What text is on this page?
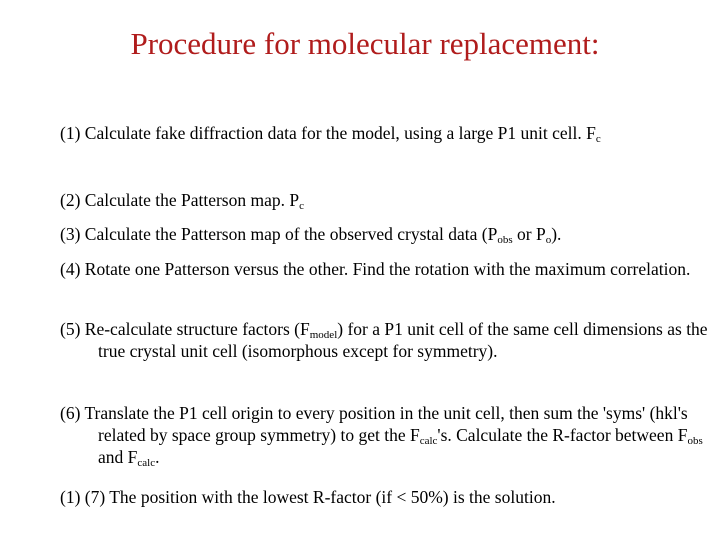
Procedure for molecular replacement:
(1) Calculate fake diffraction data for the model, using a large P1 unit cell. $F_c$
(2) Calculate the Patterson map. $P_c$
(3) Calculate the Patterson map of the observed crystal data ($P_{obs}$ or $P_o$).
(4) Rotate one Patterson versus the other. Find the rotation with the maximum correlation.
(5) Re-calculate structure factors $(F_{model})$ for a P1 unit cell of the same cell dimensions as the true crystal unit cell (isomorphous except for symmetry).
(6) Translate the P1 cell origin to every position in the unit cell, then sum the 'syms' (hkl's related by space group symmetry) to get the $F_{calc}'s$. Calculate the R-factor between $F_{obs}$ and $F_{calc}$.
(1) (7) The position with the lowest R-factor (if < 50%) is the solution.
